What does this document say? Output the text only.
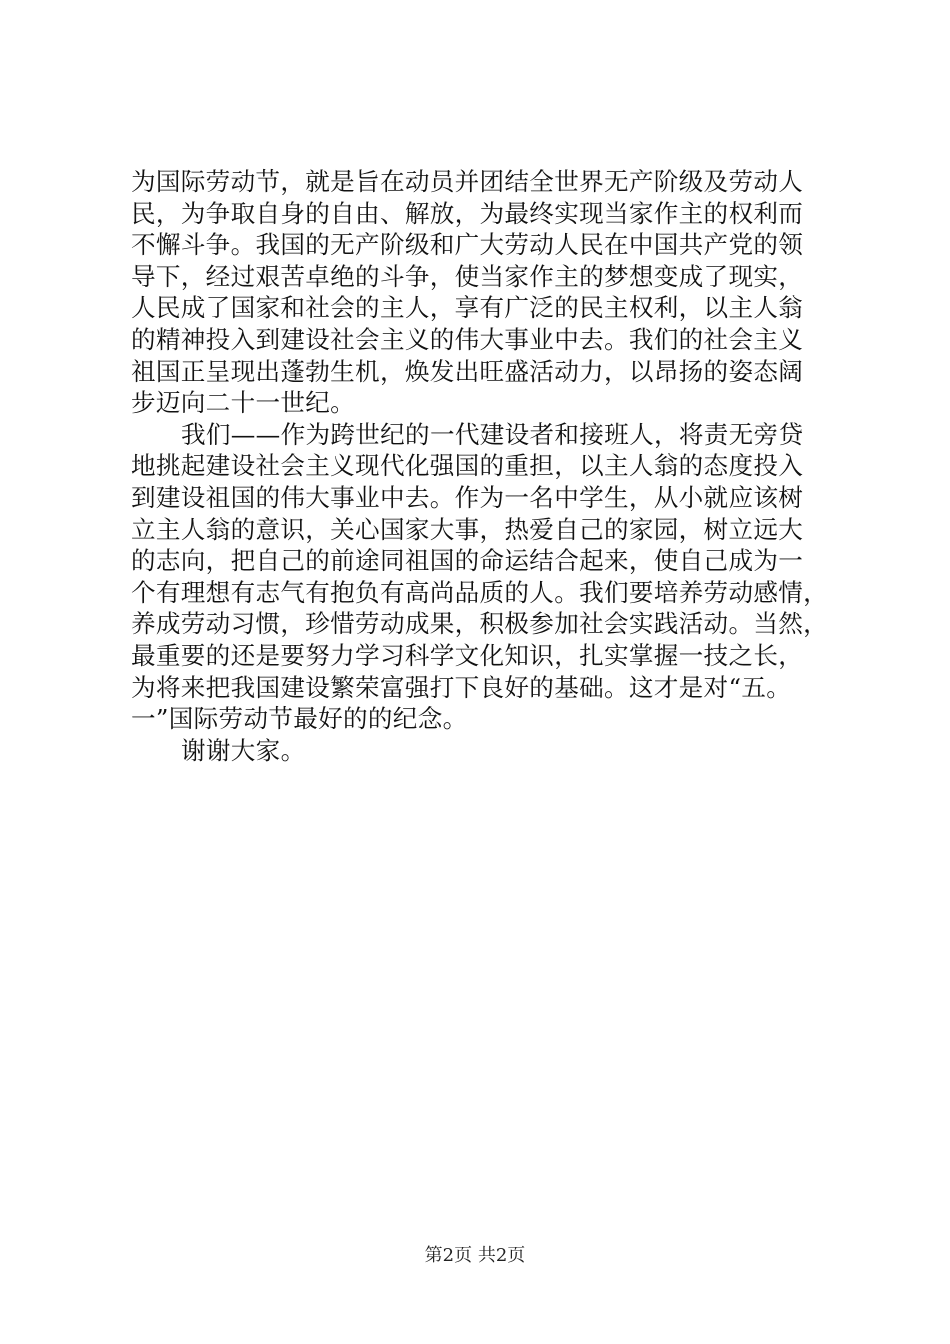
为国际劳动节，就是旨在动员并团结全世界无产阶级及劳动人
民，为争取自身的自由、解放，为最终实现当家作主的权利而
不懈斗争。我国的无产阶级和广大劳动人民在中国共产党的领
导下，经过艰苦卓绝的斗争，使当家作主的梦想变成了现实，
人民成了国家和社会的主人，享有广泛的民主权利，以主人翁
的精神投入到建设社会主义的伟大事业中去。我们的社会主义
祖国正呈现出蓬勃生机，焕发出旺盛活动力，以昂扬的姿态阔
步迈向二十一世纪。
我们——作为跨世纪的一代建设者和接班人，将责无旁贷
地挑起建设社会主义现代化强国的重担，以主人翁的态度投入
到建设祖国的伟大事业中去。作为一名中学生，从小就应该树
立主人翁的意识，关心国家大事，热爱自己的家园，树立远大
的志向，把自己的前途同祖国的命运结合起来，使自己成为一
个有理想有志气有抱负有高尚品质的人。我们要培养劳动感情，
养成劳动习惯，珍惜劳动成果，积极参加社会实践活动。当然，
最重要的还是要努力学习科学文化知识，扎实掌握一技之长，
为将来把我国建设繁荣富强打下良好的基础。这才是对“五。
一”国际劳动节最好的的纪念。
谢谢大家。
第2页 共2页
